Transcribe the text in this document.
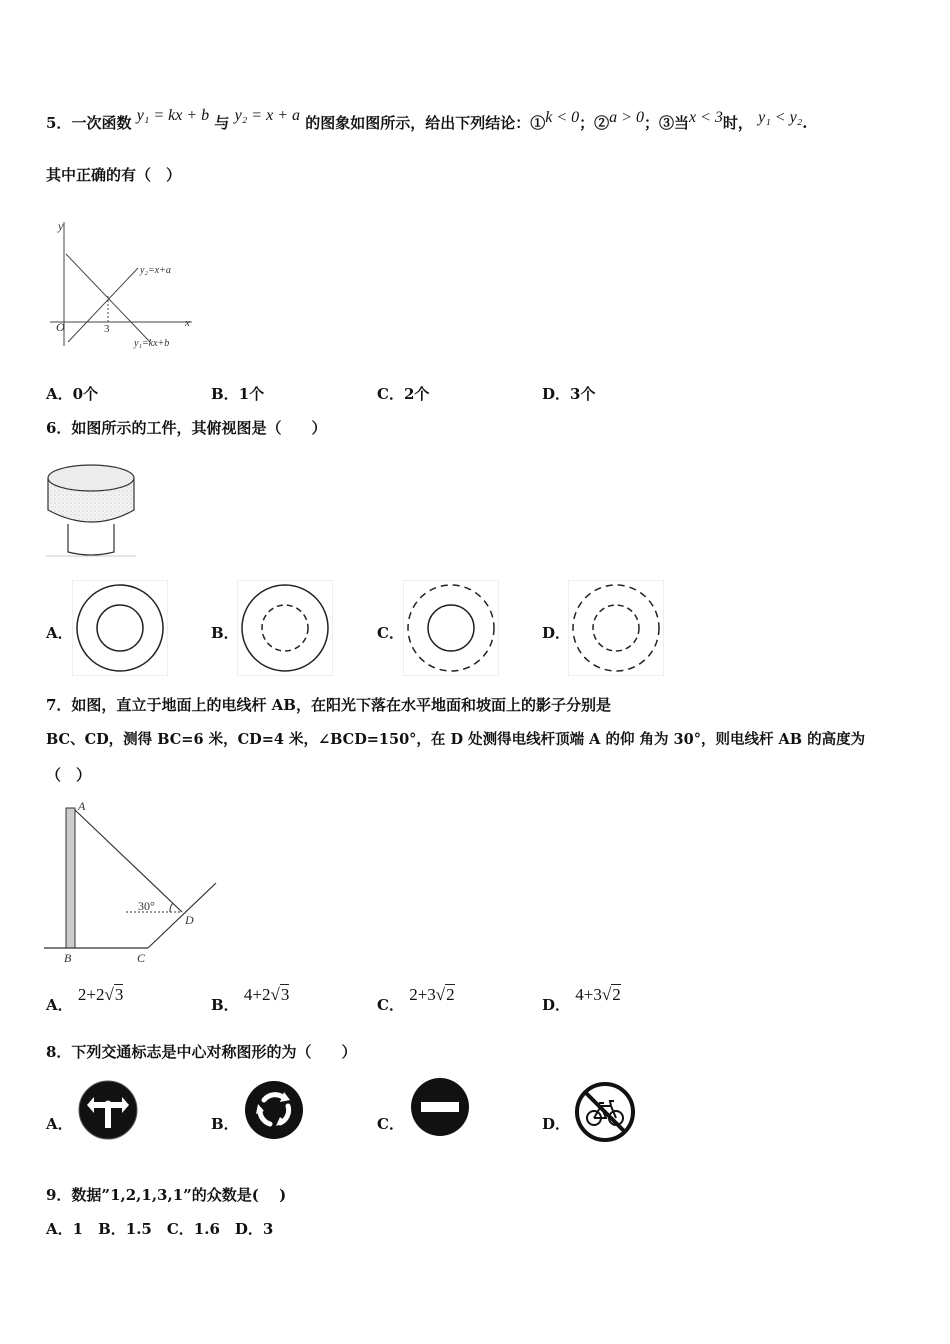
5．一次函数 y₁ = kx + b 与 y₂ = x + a 的图象如图所示，给出下列结论：①k < 0；②a > 0；③当x < 3时， y₁ < y₂.
其中正确的有（　）
y
x
O	3
y₂=x+a
y₁=kx+b
A．0个	B．1个	C．2个	D．3个
6．如图所示的工件，其俯视图是（　　）
A．	B．	C．	D．
7．如图，直立于地面上的电线杆 AB，在阳光下落在水平地面和坡面上的影子分别是
BC、CD，测得 BC=6 米，CD=4 米，∠BCD=150°，在 D 处测得电线杆顶端 A 的仰 角为 30°，则电线杆 AB 的高度为
（　）
A
B	C
D
30°
A． 2+2√3
B． 4+2√3
C． 2+3√2
D． 4+3√2
8．下列交通标志是中心对称图形的为（　　）
A．	B．	C．	D．
9．数据”1,2,1,3,1”的众数是(　 )
A．1　B．1.5　C．1.6　D．3
